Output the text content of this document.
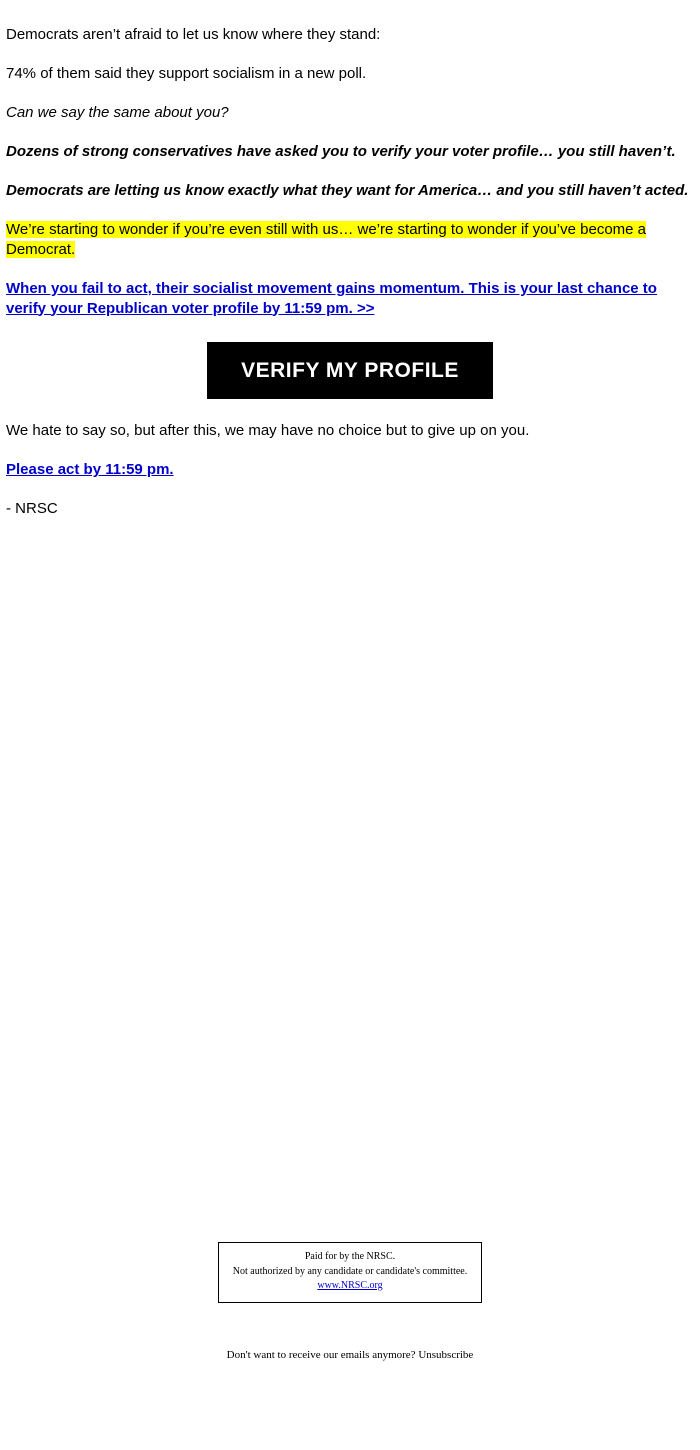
Democrats aren’t afraid to let us know where they stand:

74% of them said they support socialism in a new poll.

Can we say the same about you?

Dozens of strong conservatives have asked you to verify your voter profile… you still haven’t.

Democrats are letting us know exactly what they want for America… and you still haven’t acted.

We’re starting to wonder if you’re even still with us… we’re starting to wonder if you’ve become a Democrat.

When you fail to act, their socialist movement gains momentum. This is your last chance to verify your Republican voter profile by 11:59 pm. >>

VERIFY MY PROFILE

We hate to say so, but after this, we may have no choice but to give up on you.

Please act by 11:59 pm.

- NRSC

Paid for by the NRSC.
Not authorized by any candidate or candidate's committee.
www.NRSC.org
Don't want to receive our emails anymore? Unsubscribe
